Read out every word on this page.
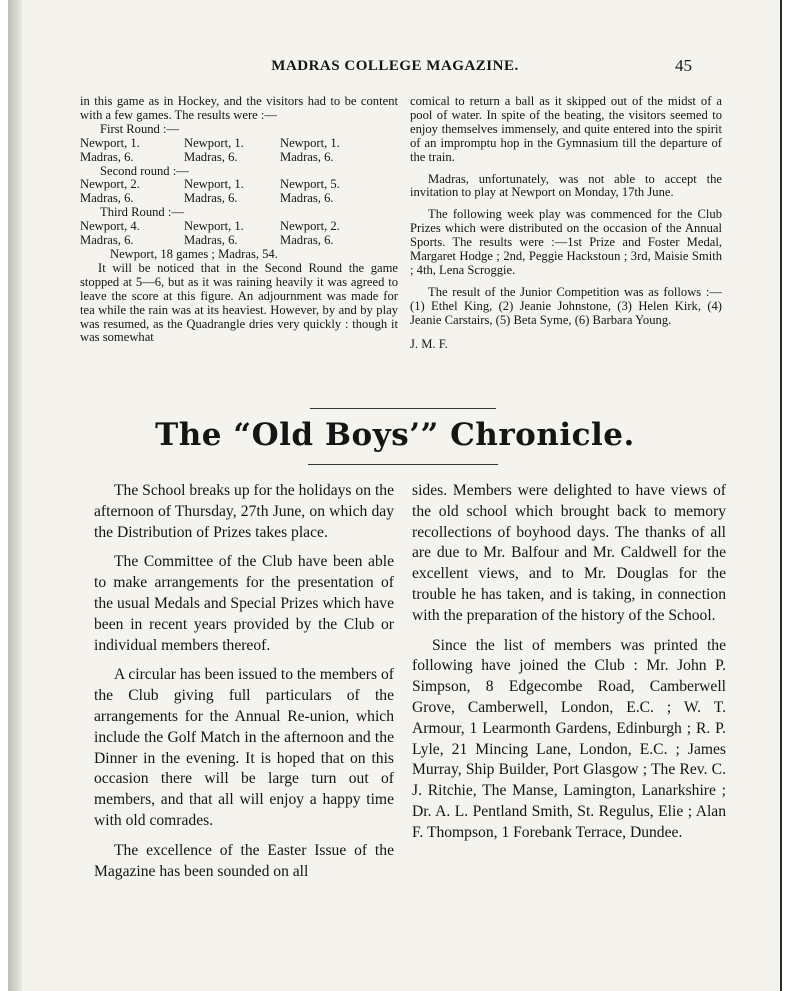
MADRAS COLLEGE MAGAZINE.	45

in this game as in Hockey, and the visitors had to be content with a few games. The results were :—

First Round :—

Newport, 1.	Newport, 1.	Newport, 1.
Madras, 6.	Madras, 6.	Madras, 6.

Second round :—

Newport, 2.	Newport, 1.	Newport, 5.
Madras, 6.	Madras, 6.	Madras, 6.

Third Round :—

Newport, 4.	Newport, 1.	Newport, 2.
Madras, 6.	Madras, 6.	Madras, 6.

Newport, 18 games ; Madras, 54.

It will be noticed that in the Second Round the game stopped at 5—6, but as it was raining heavily it was agreed to leave the score at this figure. An adjournment was made for tea while the rain was at its heaviest. However, by and by play was resumed, as the Quadrangle dries very quickly : though it was somewhat

comical to return a ball as it skipped out of the midst of a pool of water. In spite of the beating, the visitors seemed to enjoy themselves immensely, and quite entered into the spirit of an impromptu hop in the Gymnasium till the departure of the train.

Madras, unfortunately, was not able to accept the invitation to play at Newport on Monday, 17th June.

The following week play was commenced for the Club Prizes which were distributed on the occasion of the Annual Sports. The results were :—1st Prize and Foster Medal, Margaret Hodge ; 2nd, Peggie Hackstoun ; 3rd, Maisie Smith ; 4th, Lena Scroggie.

The result of the Junior Competition was as follows :—(1) Ethel King, (2) Jeanie Johnstone, (3) Helen Kirk, (4) Jeanie Carstairs, (5) Beta Syme, (6) Barbara Young.

J. M. F.

The “Old Boys’” Chronicle.

The School breaks up for the holidays on the afternoon of Thursday, 27th June, on which day the Distribution of Prizes takes place.

The Committee of the Club have been able to make arrangements for the presentation of the usual Medals and Special Prizes which have been in recent years provided by the Club or individual members thereof.

A circular has been issued to the members of the Club giving full particulars of the arrangements for the Annual Re-union, which include the Golf Match in the afternoon and the Dinner in the evening. It is hoped that on this occasion there will be large turn out of members, and that all will enjoy a happy time with old comrades.

The excellence of the Easter Issue of the Magazine has been sounded on all

sides. Members were delighted to have views of the old school which brought back to memory recollections of boyhood days. The thanks of all are due to Mr. Balfour and Mr. Caldwell for the excellent views, and to Mr. Douglas for the trouble he has taken, and is taking, in connection with the preparation of the history of the School.

Since the list of members was printed the following have joined the Club : Mr. John P. Simpson, 8 Edgecombe Road, Camberwell Grove, Camberwell, London, E.C. ; W. T. Armour, 1 Learmonth Gardens, Edinburgh ; R. P. Lyle, 21 Mincing Lane, London, E.C. ; James Murray, Ship Builder, Port Glasgow ; The Rev. C. J. Ritchie, The Manse, Lamington, Lanarkshire ; Dr. A. L. Pentland Smith, St. Regulus, Elie ; Alan F. Thompson, 1 Forebank Terrace, Dundee.
